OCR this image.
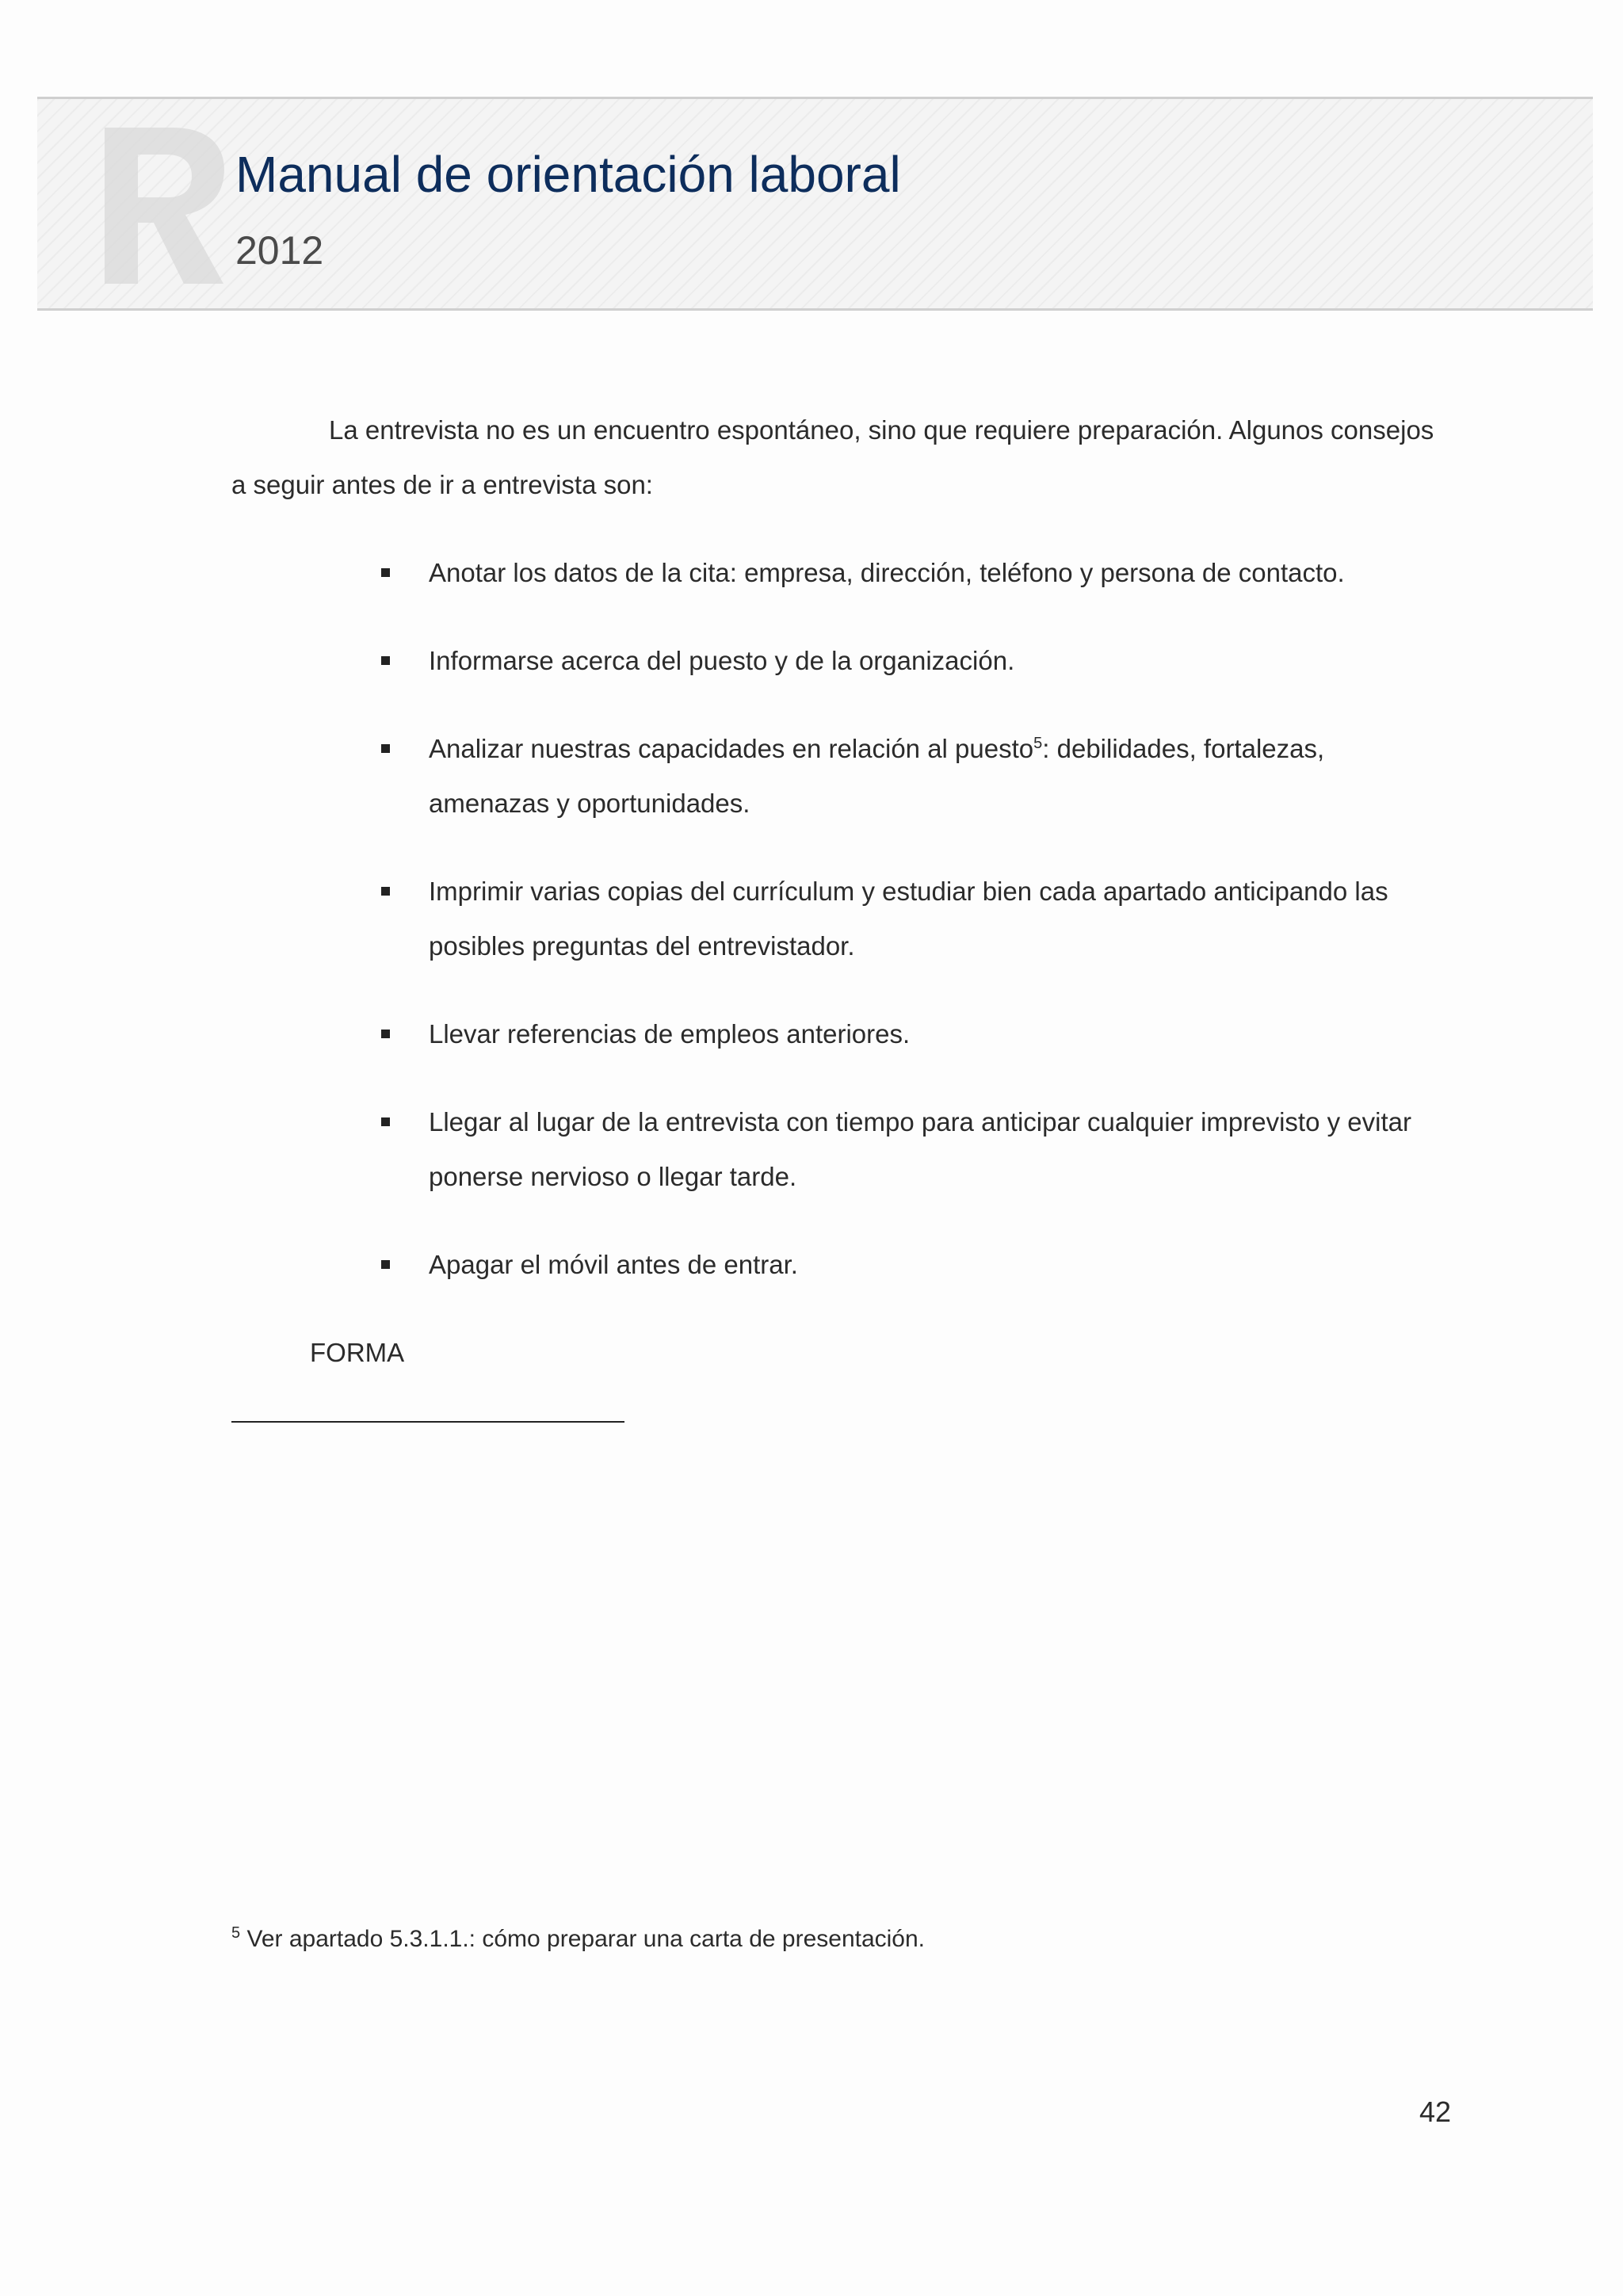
Manual de orientación laboral

2012

La entrevista no es un encuentro espontáneo, sino que requiere preparación. Algunos consejos a seguir antes de ir a entrevista son:

Anotar los datos de la cita: empresa, dirección, teléfono y persona de contacto.
Informarse acerca del puesto y de la organización.
Analizar nuestras capacidades en relación al puesto$^5$: debilidades, fortalezas, amenazas y oportunidades.
Imprimir varias copias del currículum y estudiar bien cada apartado anticipando las posibles preguntas del entrevistador.
Llevar referencias de empleos anteriores.
Llegar al lugar de la entrevista con tiempo para anticipar cualquier imprevisto y evitar ponerse nervioso o llegar tarde.
Apagar el móvil antes de entrar.

FORMA

$^5$ Ver apartado 5.3.1.1.: cómo preparar una carta de presentación.

42
